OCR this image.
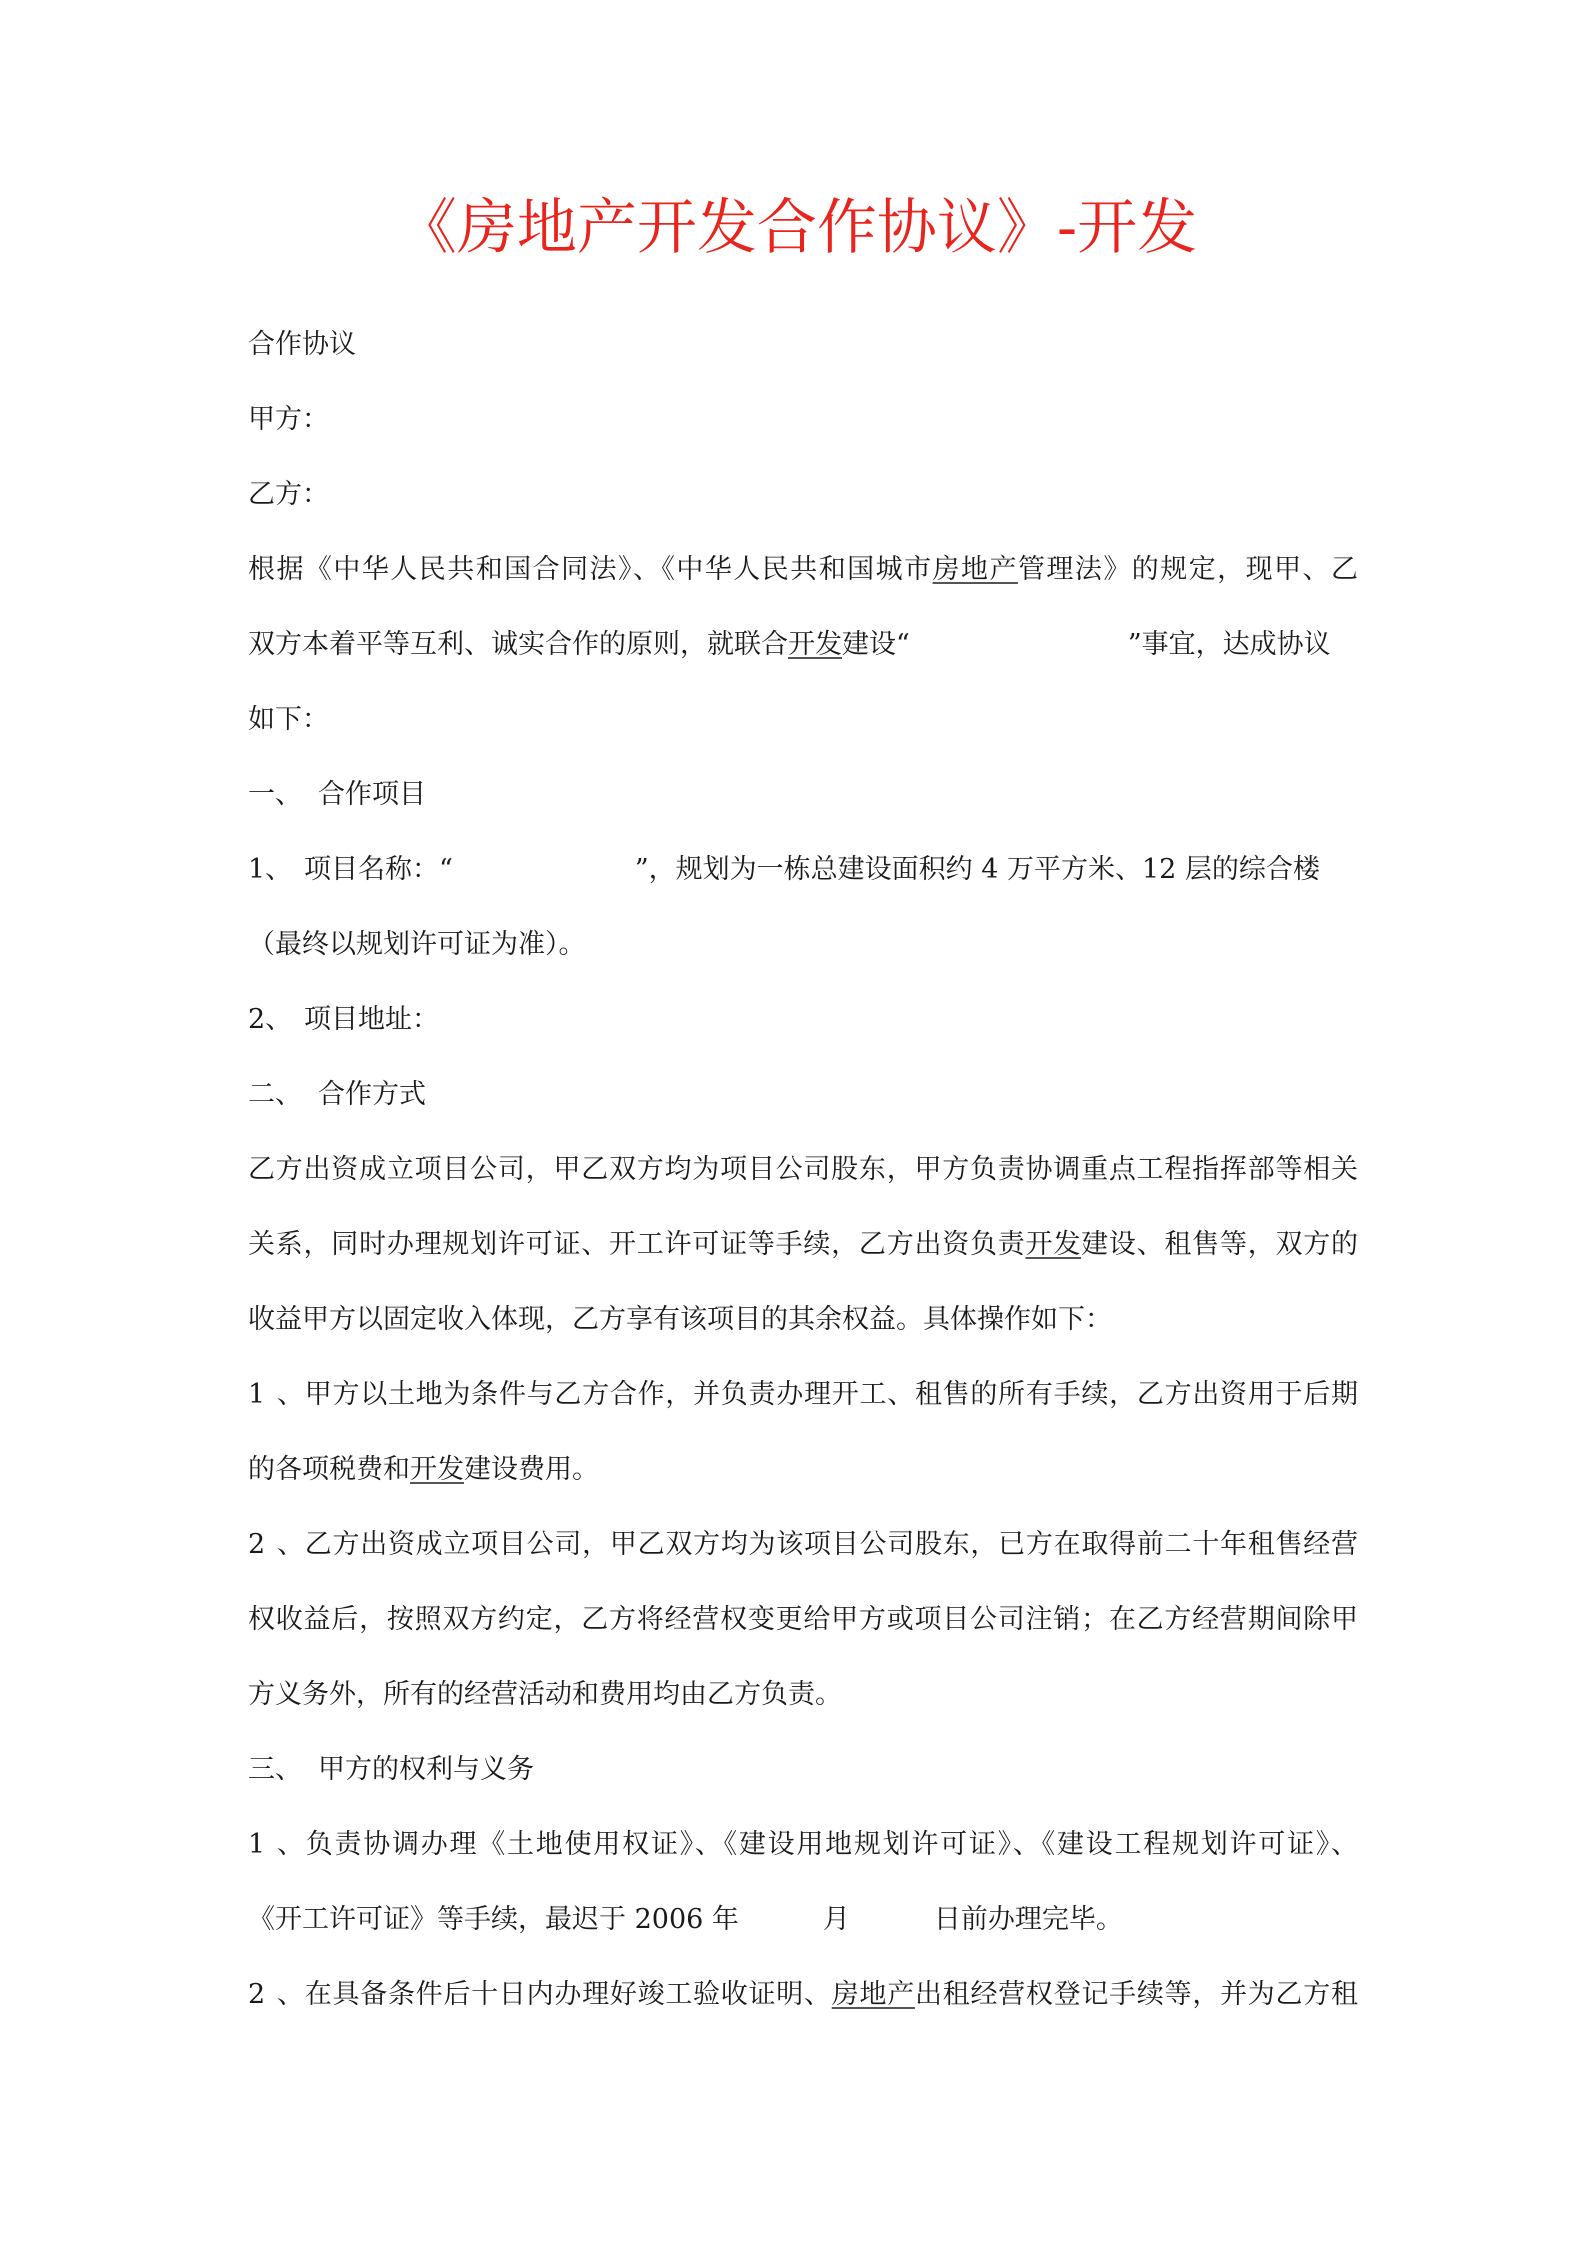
《房地产开发合作协议》-开发

合作协议

甲方：

乙方：

根据《中华人民共和国合同法》、《中华人民共和国城市房地产管理法》的规定，现甲、乙

双方本着平等互利、诚实合作的原则，就联合开发建设“	”事宜，达成协议

如下：

一、 合作项目

1、 项目名称：“	”，规划为一栋总建设面积约 4 万平方米、12 层的综合楼

（最终以规划许可证为准）。

2、 项目地址：

二、 合作方式

乙方出资成立项目公司，甲乙双方均为项目公司股东，甲方负责协调重点工程指挥部等相关

关系，同时办理规划许可证、开工许可证等手续，乙方出资负责开发建设、租售等，双方的

收益甲方以固定收入体现，乙方享有该项目的其余权益。具体操作如下：

1、甲方以土地为条件与乙方合作，并负责办理开工、租售的所有手续，乙方出资用于后期

的各项税费和开发建设费用。

2、乙方出资成立项目公司，甲乙双方均为该项目公司股东，已方在取得前二十年租售经营

权收益后，按照双方约定，乙方将经营权变更给甲方或项目公司注销；在乙方经营期间除甲

方义务外，所有的经营活动和费用均由乙方负责。

三、 甲方的权利与义务

1、负责协调办理《土地使用权证》、《建设用地规划许可证》、《建设工程规划许可证》、

《开工许可证》等手续，最迟于 2006 年	月	日前办理完毕。

2、在具备条件后十日内办理好竣工验收证明、房地产出租经营权登记手续等，并为乙方租
